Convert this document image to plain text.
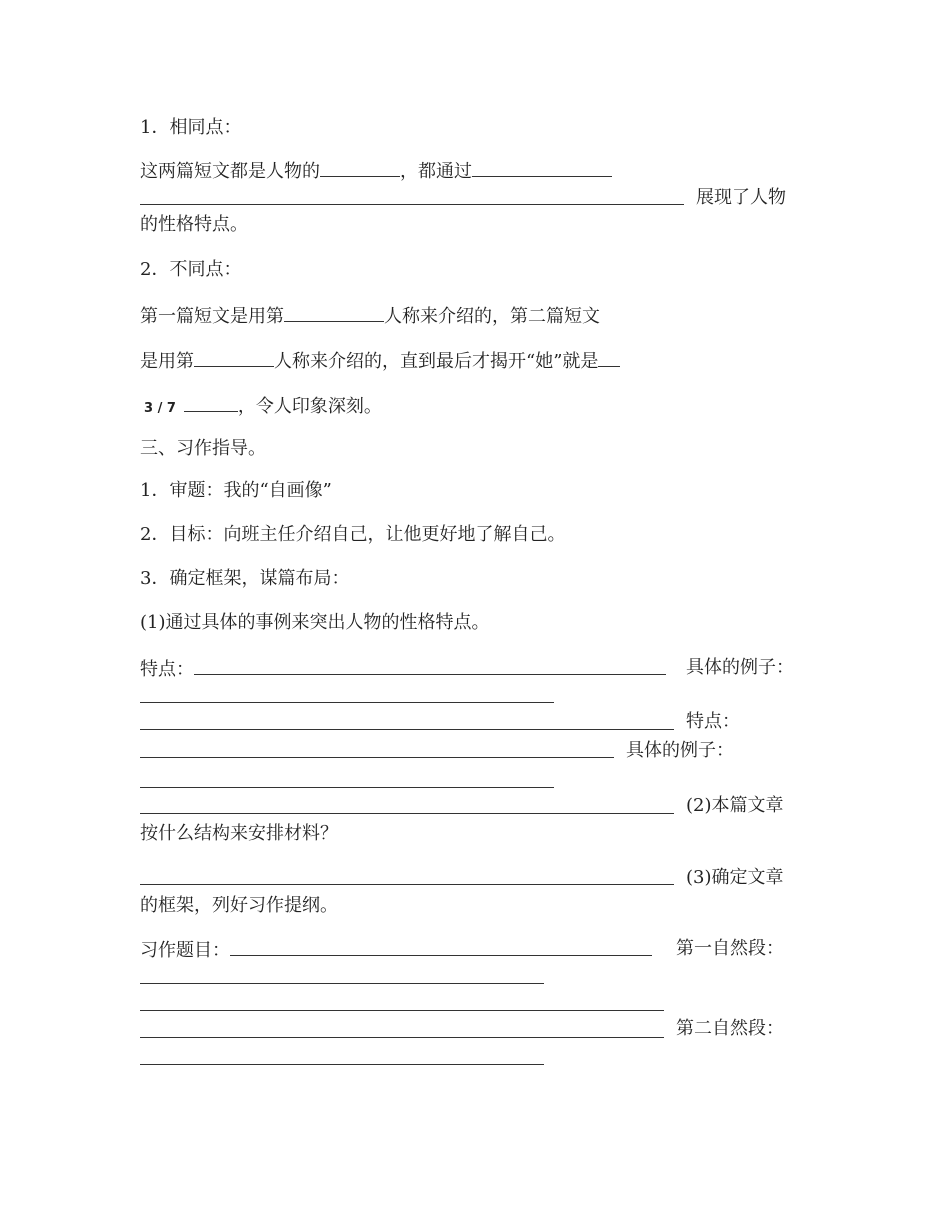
1．相同点：
这两篇短文都是人物的	，都通过
展现了人物
的性格特点。
2．不同点：
第一篇短文是用第	人称来介绍的，第二篇短文
是用第	人称来介绍的，直到最后才揭开“她”就是
3 / 7	，令人印象深刻。
三、习作指导。
1．审题：我的“自画像”
2．目标：向班主任介绍自己，让他更好地了解自己。
3．确定框架，谋篇布局：
(1)通过具体的事例来突出人物的性格特点。
特点：	具体的例子：
特点：
具体的例子：
(2)本篇文章
按什么结构来安排材料？
(3)确定文章
的框架，列好习作提纲。
习作题目：	第一自然段：
第二自然段：
